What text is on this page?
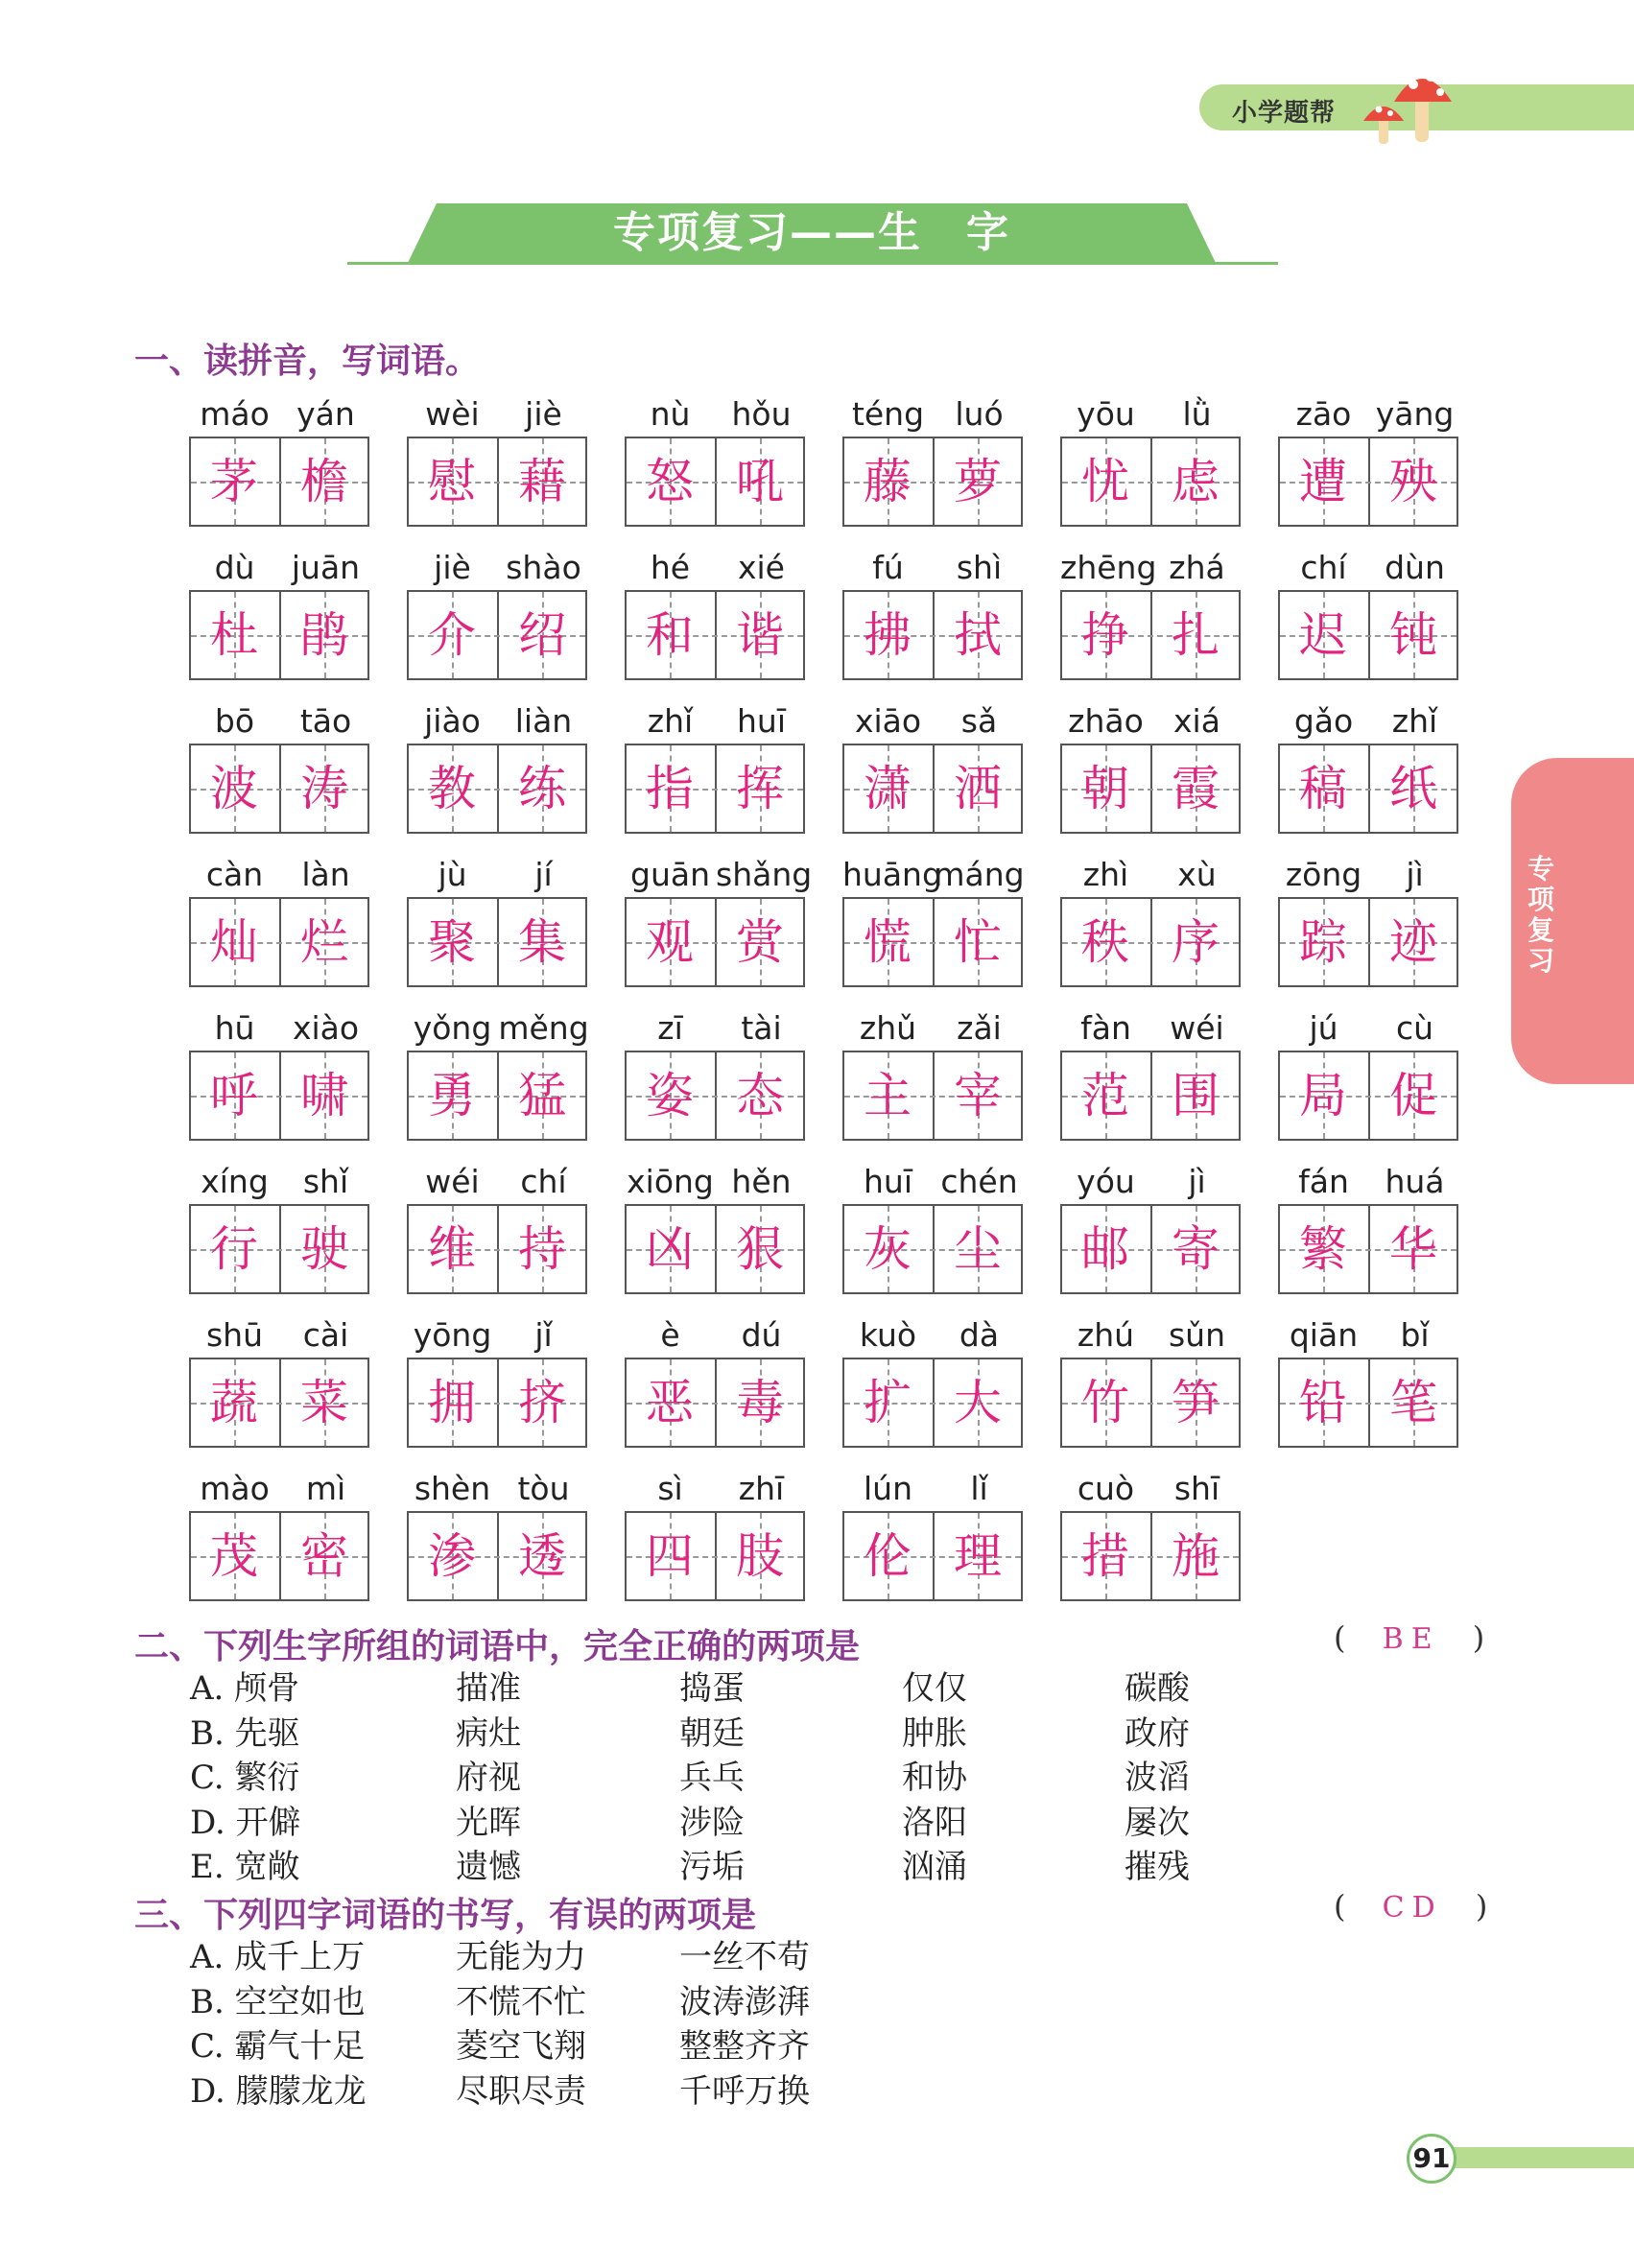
小学题帮
专项复习——生　字
一、读拼音，写词语。
máo yán
茅 檐
wèi	jiè
慰 藉
nù	hǒu
怒 吼
téng luó
藤 萝
yōu	lǜ
忧 虑
zāo yāng
遭 殃
dù	juān
杜 鹃
jiè	shào
介 绍
hé	xié
和 谐
fú	shì
拂 拭
zhēng zhá
挣 扎
chí	dùn
迟 钝
bō	tāo
波 涛
jiào	liàn
教 练
zhǐ	huī
指 挥
xiāo	sǎ
潇 洒
zhāo xiá
朝 霞
gǎo	zhǐ
稿 纸
càn	làn
灿 烂
jù	jí
聚 集
guān shǎng
观 赏
huāng
máng
慌 忙
zhì	xù
秩 序
zōng	jì
踪 迹
hū	xiào
呼 啸
yǒng měng
勇 猛
zī	tài
姿 态
zhǔ	zǎi
主 宰
fàn	wéi
范 围
jú	cù
局 促
xíng	shǐ
行 驶
wéi	chí
维 持
xiōng hěn
凶 狠
huī chén
灰 尘
yóu	jì
邮 寄
fán	huá
繁 华
shū	cài
蔬 菜
yōng	jǐ
拥 挤
è	dú
恶 毒
kuò	dà
扩 大
zhú	sǔn
竹 笋
qiān	bǐ
铅 笔
mào	mì
茂 密
shèn tòu
渗 透
sì	zhī
四 肢
lún	lǐ
伦 理
cuò	shī
措 施
二、下列生字所组的词语中，完全正确的两项是	( BE )
A. 颅骨	描准	捣蛋	仅仅	碳酸
B. 先驱	病灶	朝廷	肿胀	政府
C. 繁衍	府视	兵乓	和协	波滔
D. 开僻	光晖	涉险	洛阳	屡次
E. 宽敞	遗憾	污垢	汹涌	摧残
三、下列四字词语的书写，有误的两项是	( CD )
A. 成千上万	无能为力	一丝不苟
B. 空空如也	不慌不忙	波涛澎湃
C. 霸气十足	菱空飞翔	整整齐齐
D. 朦朦龙龙	尽职尽责	千呼万换
专项复习
91
